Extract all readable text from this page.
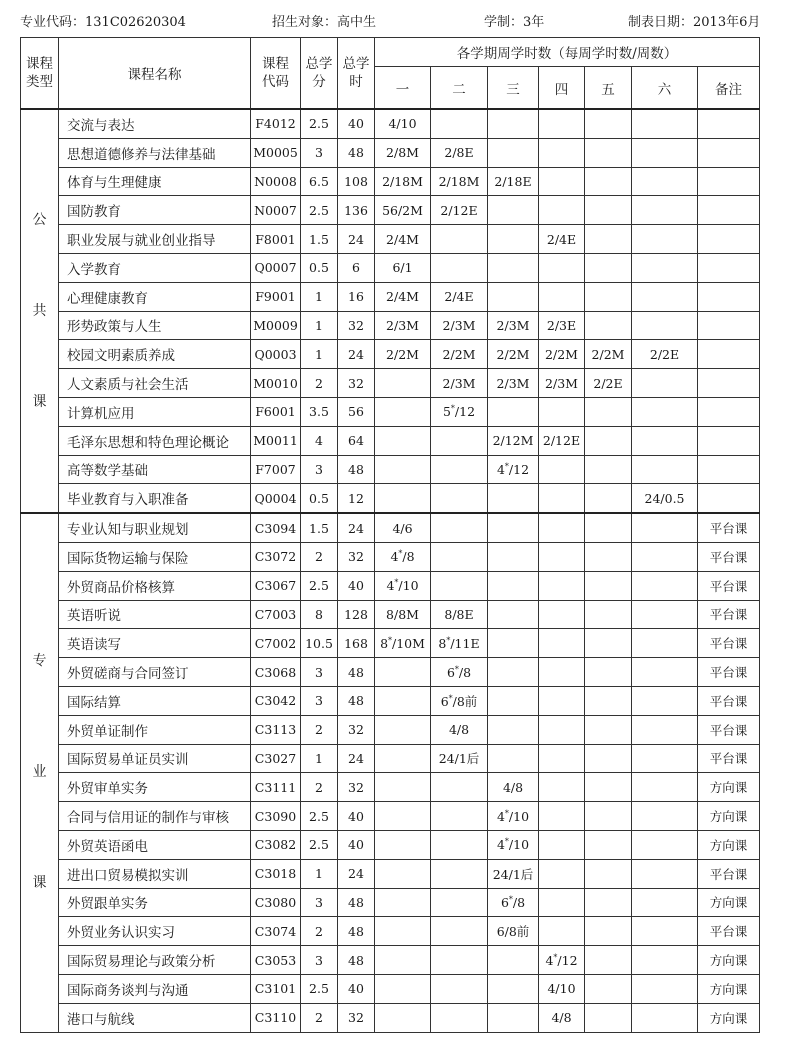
专业代码：131C02620304	招生对象：高中生	学制：3年	制表日期：2013年6月
课程类型	课程名称	课程代码	总学分	总学时	各学期周学时数（每周学时数/周数）						
					一	二	三	四	五	六	备注

公
共
课	交流与表达	F4012	2.5	40	4/10						
	思想道德修养与法律基础	M0005	3	48	2/8M	2/8E					
	体育与生理健康	N0008	6.5	108	2/18M	2/18M	2/18E				
	国防教育	N0007	2.5	136	56/2M	2/12E					
	职业发展与就业创业指导	F8001	1.5	24	2/4M			2/4E			
	入学教育	Q0007	0.5	6	6/1						
	心理健康教育	F9001	1	16	2/4M	2/4E					
	形势政策与人生	M0009	1	32	2/3M	2/3M	2/3M	2/3E			
	校园文明素质养成	Q0003	1	24	2/2M	2/2M	2/2M	2/2M	2/2M	2/2E	
	人文素质与社会生活	M0010	2	32		2/3M	2/3M	2/3M	2/2E		
	计算机应用	F6001	3.5	56		5*/12					
	毛泽东思想和特色理论概论	M0011	4	64			2/12M	2/12E			
	高等数学基础	F7007	3	48			4*/12				
	毕业教育与入职准备	Q0004	0.5	12						24/0.5	

专
业
课	专业认知与职业规划	C3094	1.5	24	4/6						平台课
	国际货物运输与保险	C3072	2	32	4*/8						平台课
	外贸商品价格核算	C3067	2.5	40	4*/10						平台课
	英语听说	C7003	8	128	8/8M	8/8E					平台课
	英语读写	C7002	10.5	168	8*/10M	8*/11E					平台课
	外贸磋商与合同签订	C3068	3	48		6*/8					平台课
	国际结算	C3042	3	48		6*/8前					平台课
	外贸单证制作	C3113	2	32		4/8					平台课
	国际贸易单证员实训	C3027	1	24		24/1后					平台课
	外贸审单实务	C3111	2	32			4/8				方向课
	合同与信用证的制作与审核	C3090	2.5	40			4*/10				方向课
	外贸英语函电	C3082	2.5	40			4*/10				方向课
	进出口贸易模拟实训	C3018	1	24			24/1后				平台课
	外贸跟单实务	C3080	3	48			6*/8				方向课
	外贸业务认识实习	C3074	2	48			6/8前				平台课
	国际贸易理论与政策分析	C3053	3	48				4*/12			方向课
	国际商务谈判与沟通	C3101	2.5	40				4/10			方向课
	港口与航线	C3110	2	32				4/8			方向课
